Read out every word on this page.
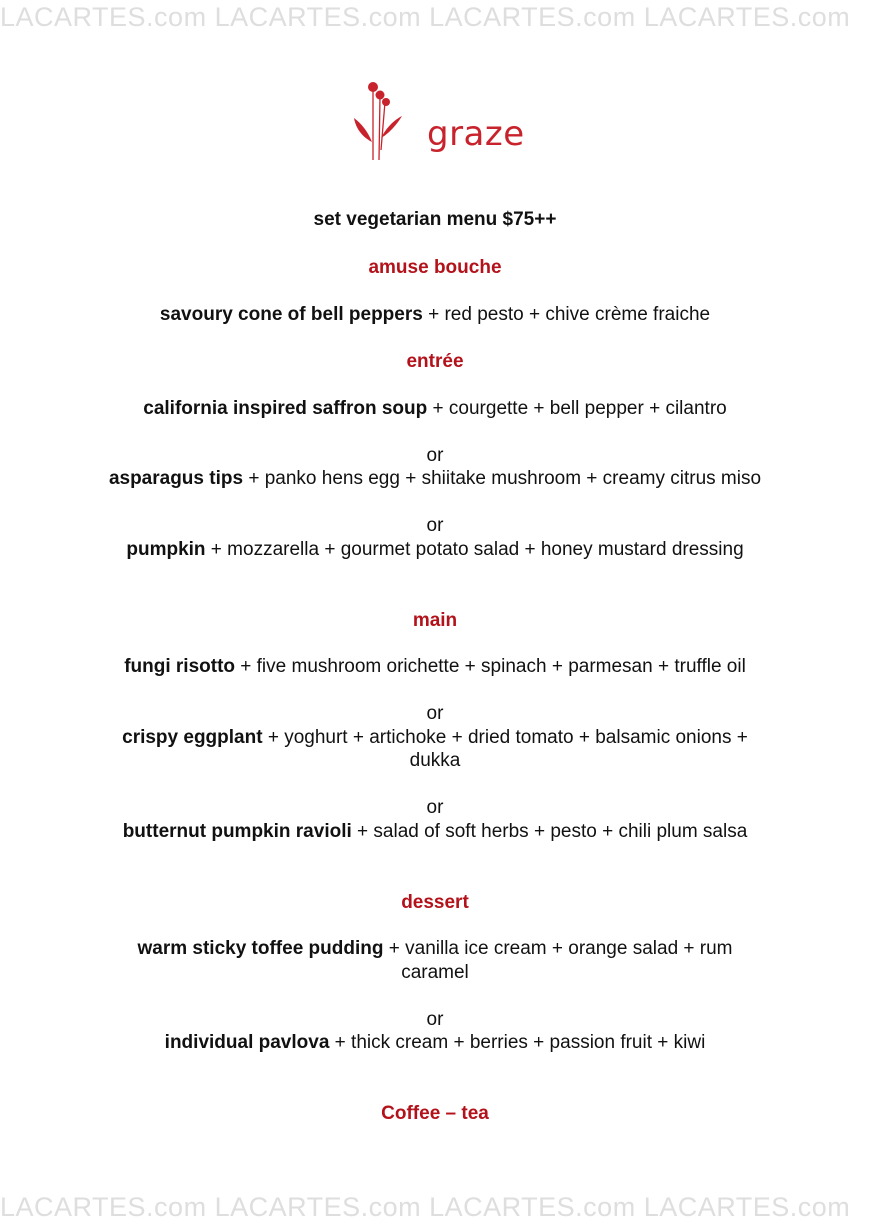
LACARTES.com LACARTES.com LACARTES.com LACARTES.com
LACARTES.com LACARTES.com LACARTES.com LACARTES.com
graze
set vegetarian menu $75++
amuse bouche
savoury cone of bell peppers + red pesto + chive crème fraiche
entrée
california inspired saffron soup + courgette + bell pepper + cilantro
or
asparagus tips + panko hens egg + shiitake mushroom + creamy citrus miso
or
pumpkin + mozzarella + gourmet potato salad + honey mustard dressing
main
fungi risotto + five mushroom orichette + spinach + parmesan + truffle oil
or
crispy eggplant + yoghurt + artichoke + dried tomato + balsamic onions +
dukka
or
butternut pumpkin ravioli + salad of soft herbs + pesto + chili plum salsa
dessert
warm sticky toffee pudding + vanilla ice cream + orange salad + rum
caramel
or
individual pavlova + thick cream + berries + passion fruit + kiwi
Coffee – tea
